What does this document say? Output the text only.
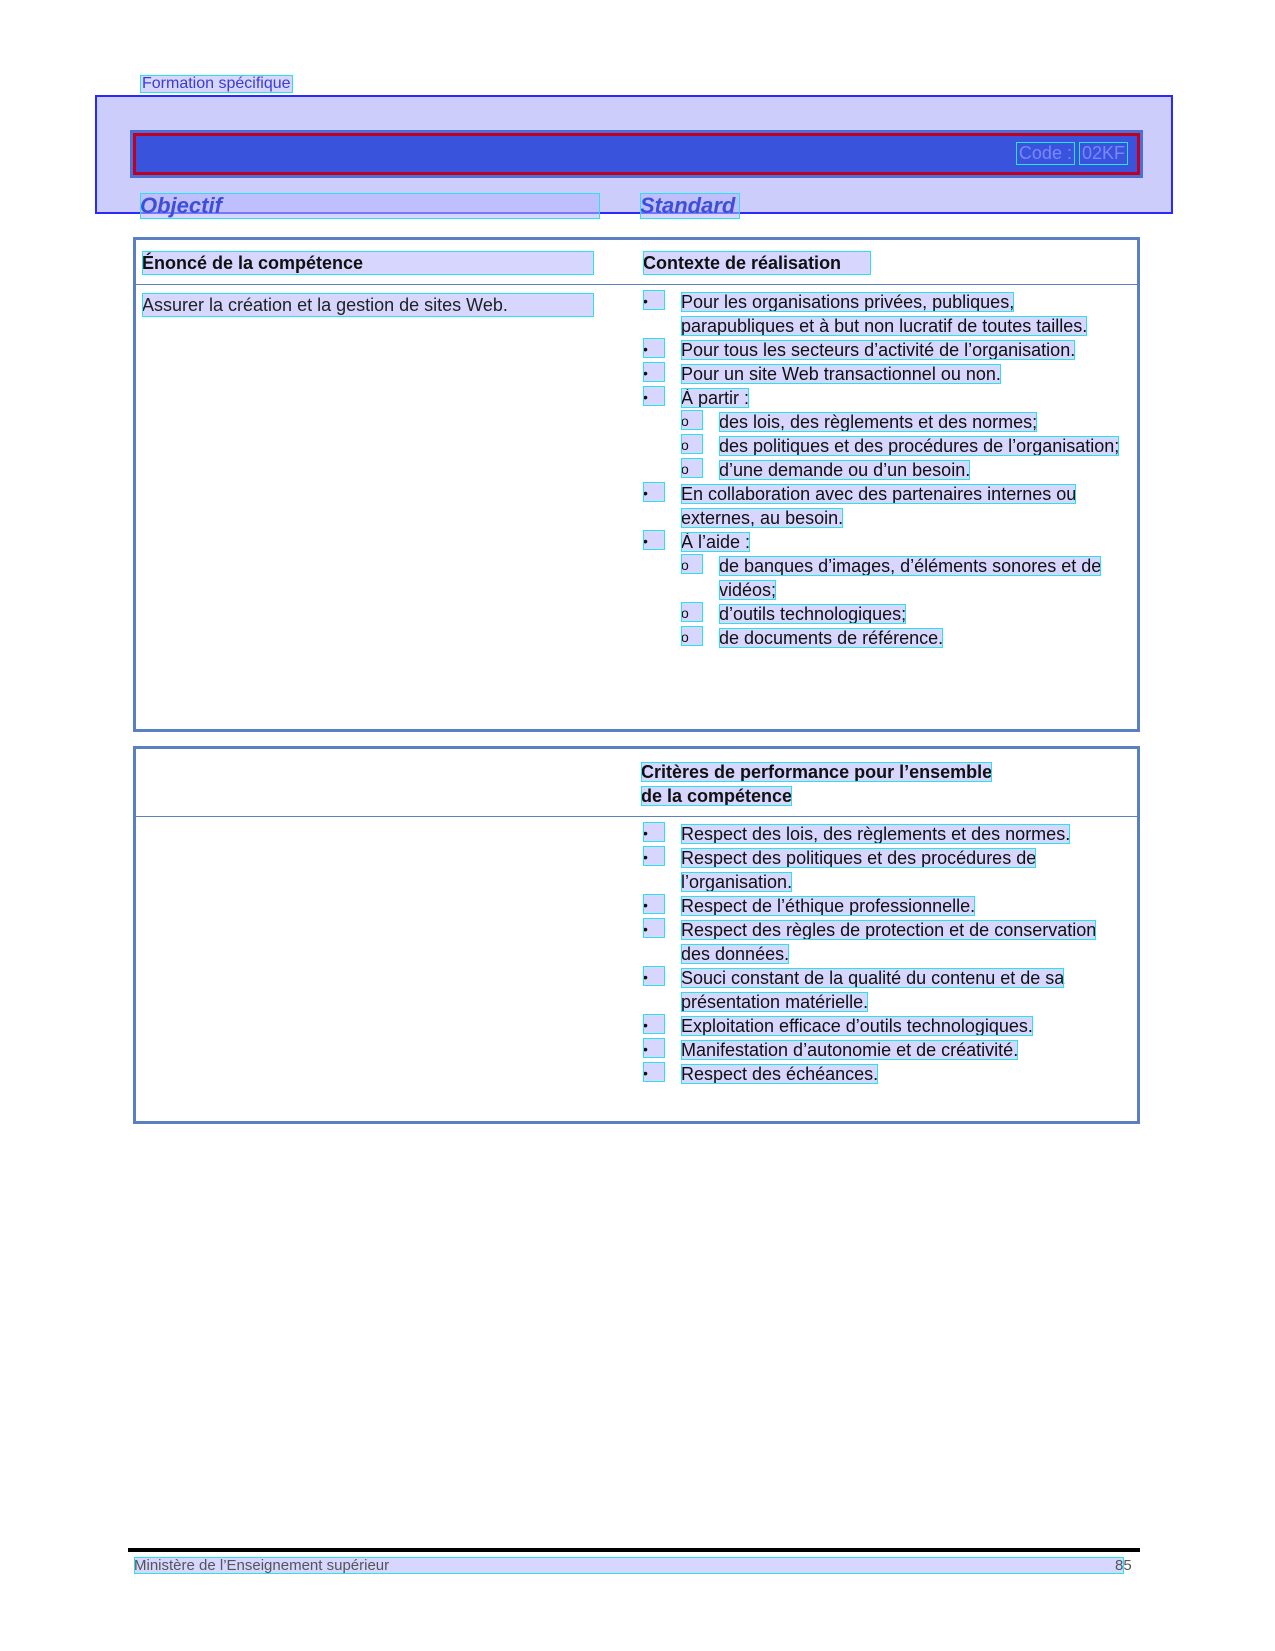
Formation spécifique
Code : 02KF
Objectif	Standard
Énoncé de la compétence	Contexte de réalisation
Assurer la création et la gestion de sites Web.	•	Pour les organisations privées, publiques, parapubliques et à but non lucratif de toutes tailles.
•	Pour tous les secteurs d’activité de l’organisation.
•	Pour un site Web transactionnel ou non.
•	À partir :
o	des lois, des règlements et des normes;
o	des politiques et des procédures de l’organisation;
o	d’une demande ou d’un besoin.
•	En collaboration avec des partenaires internes ou externes, au besoin.
•	À l’aide :
o	de banques d’images, d’éléments sonores et de vidéos;
o	d’outils technologiques;
o	de documents de référence.
Critères de performance pour l’ensemble
de la compétence
•	Respect des lois, des règlements et des normes.
•	Respect des politiques et des procédures de l’organisation.
•	Respect de l’éthique professionnelle.
•	Respect des règles de protection et de conservation des données.
•	Souci constant de la qualité du contenu et de sa présentation matérielle.
•	Exploitation efficace d’outils technologiques.
•	Manifestation d’autonomie et de créativité.
•	Respect des échéances.
Ministère de l’Enseignement supérieur	85
